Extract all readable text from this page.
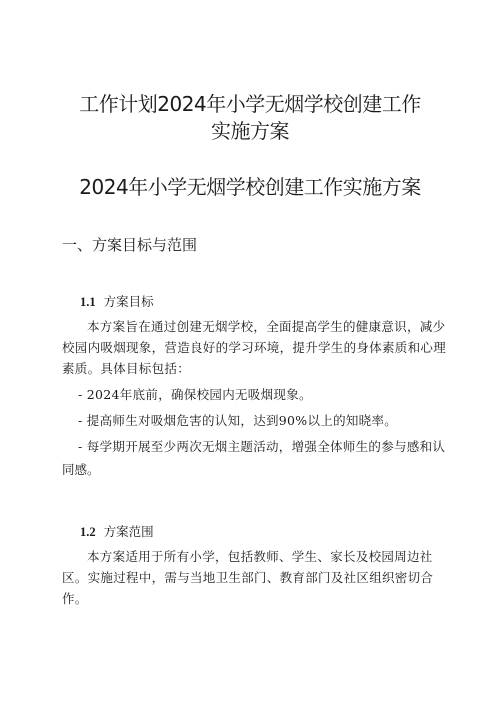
工作计划2024年小学无烟学校创建工作
实施方案
2024年小学无烟学校创建工作实施方案
一、方案目标与范围
1.1 方案目标

本方案旨在通过创建无烟学校，全面提高学生的健康意识，减少校园内吸烟现象，营造良好的学习环境，提升学生的身体素质和心理素质。具体目标包括：

- 2024年底前，确保校园内无吸烟现象。

- 提高师生对吸烟危害的认知，达到90%以上的知晓率。

- 每学期开展至少两次无烟主题活动，增强全体师生的参与感和认

同感。

1.2 方案范围

本方案适用于所有小学，包括教师、学生、家长及校园周边社区。实施过程中，需与当地卫生部门、教育部门及社区组织密切合作。
